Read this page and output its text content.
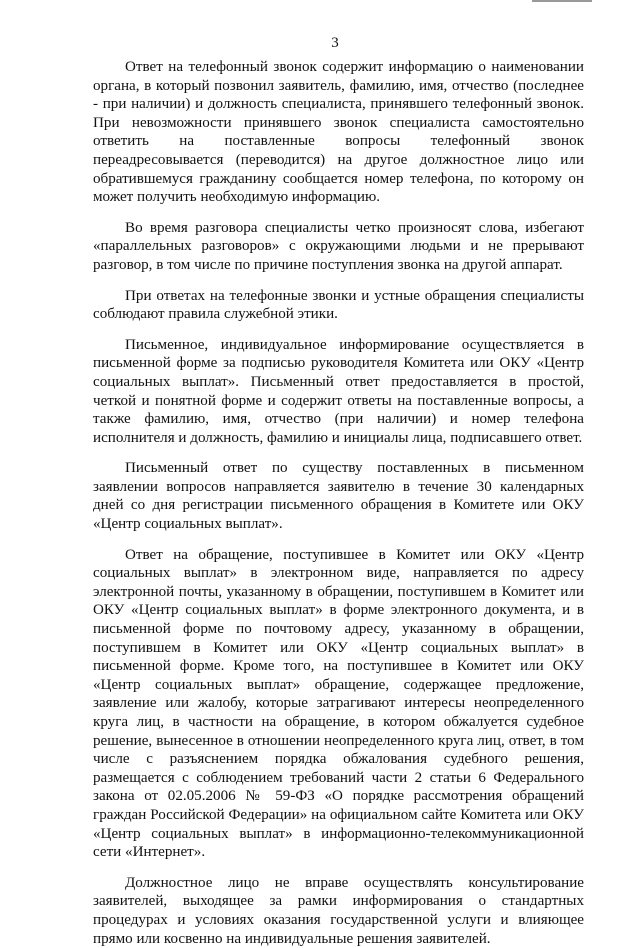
3

Ответ на телефонный звонок содержит информацию о наименовании органа, в который позвонил заявитель, фамилию, имя, отчество (последнее - при наличии) и должность специалиста, принявшего телефонный звонок. При невозможности принявшего звонок специалиста самостоятельно ответить на поставленные вопросы телефонный звонок переадресовывается (переводится) на другое должностное лицо или обратившемуся гражданину сообщается номер телефона, по которому он может получить необходимую информацию.

Во время разговора специалисты четко произносят слова, избегают «параллельных разговоров» с окружающими людьми и не прерывают разговор, в том числе по причине поступления звонка на другой аппарат.

При ответах на телефонные звонки и устные обращения специалисты соблюдают правила служебной этики.

Письменное, индивидуальное информирование осуществляется в письменной форме за подписью руководителя Комитета или ОКУ «Центр социальных выплат». Письменный ответ предоставляется в простой, четкой и понятной форме и содержит ответы на поставленные вопросы, а также фамилию, имя, отчество (при наличии) и номер телефона исполнителя и должность, фамилию и инициалы лица, подписавшего ответ.

Письменный ответ по существу поставленных в письменном заявлении вопросов направляется заявителю в течение 30 календарных дней со дня регистрации письменного обращения в Комитете или ОКУ «Центр социальных выплат».

Ответ на обращение, поступившее в Комитет или ОКУ «Центр социальных выплат» в электронном виде, направляется по адресу электронной почты, указанному в обращении, поступившем в Комитет или ОКУ «Центр социальных выплат» в форме электронного документа, и в письменной форме по почтовому адресу, указанному в обращении, поступившем в Комитет или ОКУ «Центр социальных выплат» в письменной форме. Кроме того, на поступившее в Комитет или ОКУ «Центр социальных выплат» обращение, содержащее предложение, заявление или жалобу, которые затрагивают интересы неопределенного круга лиц, в частности на обращение, в котором обжалуется судебное решение, вынесенное в отношении неопределенного круга лиц, ответ, в том числе с разъяснением порядка обжалования судебного решения, размещается с соблюдением требований части 2 статьи 6 Федерального закона от 02.05.2006 № 59-ФЗ «О порядке рассмотрения обращений граждан Российской Федерации» на официальном сайте Комитета или ОКУ «Центр социальных выплат» в информационно-телекоммуникационной сети «Интернет».

Должностное лицо не вправе осуществлять консультирование заявителей, выходящее за рамки информирования о стандартных процедурах и условиях оказания государственной услуги и влияющее прямо или косвенно на индивидуальные решения заявителей.
